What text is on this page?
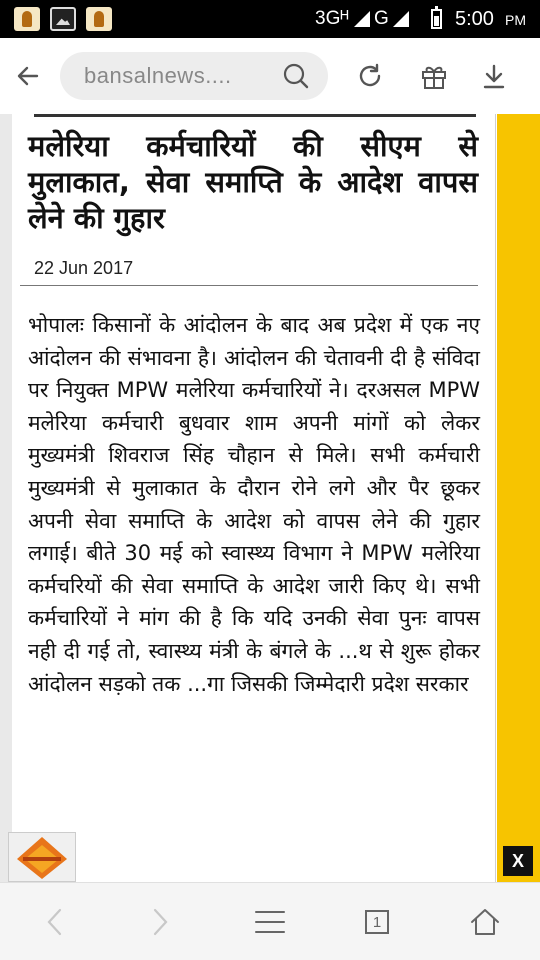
3Gᴴ G	5:00 PM
bansalnews....
मलेरिया कर्मचारियों की सीएम से मुलाकात, सेवा समाप्ति के आदेश वापस लेने की गुहार
22 Jun 2017

भोपालः किसानों के आंदोलन के बाद अब प्रदेश में एक नए आंदोलन की संभावना है। आंदोलन की चेतावनी दी है संविदा पर नियुक्त MPW मलेरिया कर्मचारियों ने। दरअसल MPW मलेरिया कर्मचारी बुधवार शाम अपनी मांगों को लेकर मुख्यमंत्री शिवराज सिंह चौहान से मिले। सभी कर्मचारी मुख्यमंत्री से मुलाकात के दौरान रोने लगे और पैर छूकर अपनी सेवा समाप्ति के आदेश को वापस लेने की गुहार लगाई। बीते 30 मई को स्वास्थ्य विभाग ने MPW मलेरिया कर्मचरियों की सेवा समाप्ति के आदेश जारी किए थे। सभी कर्मचारियों ने मांग की है कि यदि उनकी सेवा पुनः वापस नही दी गई तो, स्वास्थ्य मंत्री के बंगले के ...थ से शुरू होकर आंदोलन सड़को तक ...गा जिसकी जिम्मेदारी प्रदेश सरकार

X
1
